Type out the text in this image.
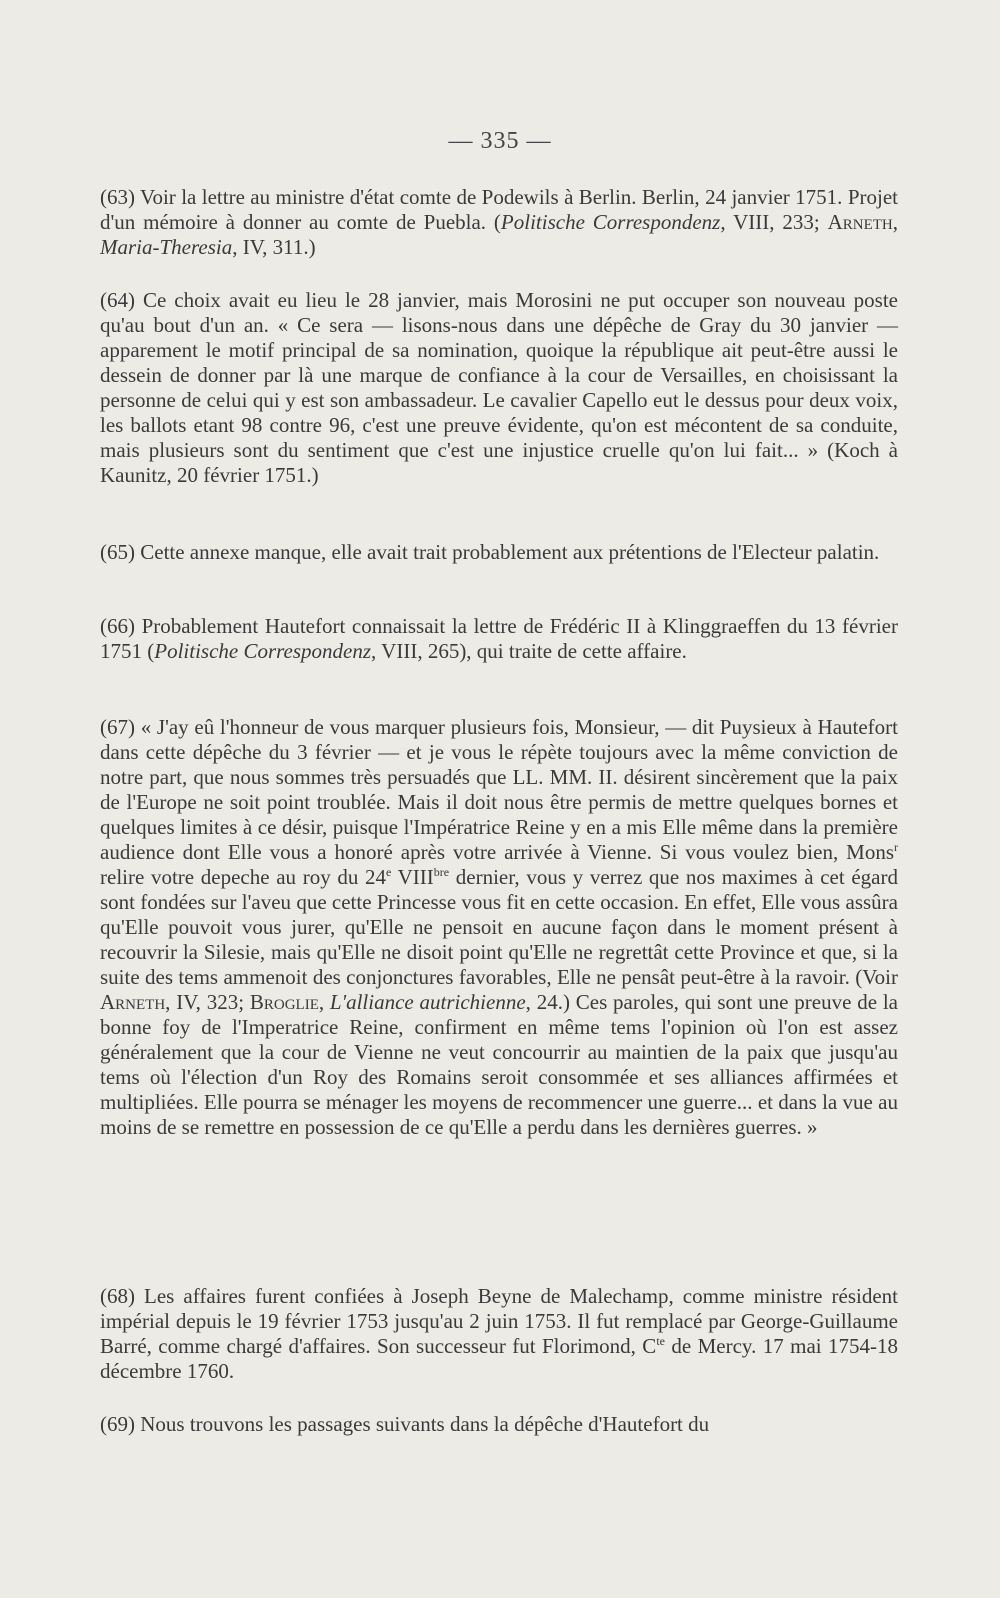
— 335 —

(63) Voir la lettre au ministre d'état comte de Podewils à Berlin. Berlin, 24 janvier 1751. Projet d'un mémoire à donner au comte de Puebla. (Politische Correspondenz, VIII, 233; Arneth, Maria-Theresia, IV, 311.)

(64) Ce choix avait eu lieu le 28 janvier, mais Morosini ne put occuper son nouveau poste qu'au bout d'un an. « Ce sera — lisons-nous dans une dépêche de Gray du 30 janvier — apparement le motif principal de sa nomination, quoique la république ait peut-être aussi le dessein de donner par là une marque de confiance à la cour de Versailles, en choisissant la personne de celui qui y est son ambassadeur. Le cavalier Capello eut le dessus pour deux voix, les ballots etant 98 contre 96, c'est une preuve évidente, qu'on est mécontent de sa conduite, mais plusieurs sont du sentiment que c'est une injustice cruelle qu'on lui fait... » (Koch à Kaunitz, 20 février 1751.)

(65) Cette annexe manque, elle avait trait probablement aux prétentions de l'Electeur palatin.

(66) Probablement Hautefort connaissait la lettre de Frédéric II à Klinggraeffen du 13 février 1751 (Politische Correspondenz, VIII, 265), qui traite de cette affaire.

(67) « J'ay eû l'honneur de vous marquer plusieurs fois, Monsieur, — dit Puysieux à Hautefort dans cette dépêche du 3 février — et je vous le répète toujours avec la même conviction de notre part, que nous sommes très persuadés que LL. MM. II. désirent sincèrement que la paix de l'Europe ne soit point troublée. Mais il doit nous être permis de mettre quelques bornes et quelques limites à ce désir, puisque l'Impératrice Reine y en a mis Elle même dans la première audience dont Elle vous a honoré après votre arrivée à Vienne. Si vous voulez bien, Mons$^r$ relire votre depeche au roy du 24e $VIII^{bre}$ dernier, vous y verrez que nos maximes à cet égard sont fondées sur l'aveu que cette Princesse vous fit en cette occasion. En effet, Elle vous assûra qu'Elle pouvoit vous jurer, qu'Elle ne pensoit en aucune façon dans le moment présent à recouvrir la Silesie, mais qu'Elle ne disoit point qu'Elle ne regrettât cette Province et que, si la suite des tems ammenoit des conjonctures favorables, Elle ne pensât peut-être à la ravoir. (Voir Arneth, IV, 323; Broglie, L'alliance autrichienne, 24.) Ces paroles, qui sont une preuve de la bonne foy de l'Imperatrice Reine, confirment en même tems l'opinion où l'on est assez généralement que la cour de Vienne ne veut concourrir au maintien de la paix que jusqu'au tems où l'élection d'un Roy des Romains seroit consommée et ses alliances affirmées et multipliées. Elle pourra se ménager les moyens de recommencer une guerre... et dans la vue au moins de se remettre en possession de ce qu'Elle a perdu dans les dernières guerres. »

(68) Les affaires furent confiées à Joseph Beyne de Malechamp, comme ministre résident impérial depuis le 19 février 1753 jusqu'au 2 juin 1753. Il fut remplacé par George-Guillaume Barré, comme chargé d'affaires. Son successeur fut Florimond, $C^{te}$ de Mercy. 17 mai 1754-18 décembre 1760.

(69) Nous trouvons les passages suivants dans la dépêche d'Hautefort du
